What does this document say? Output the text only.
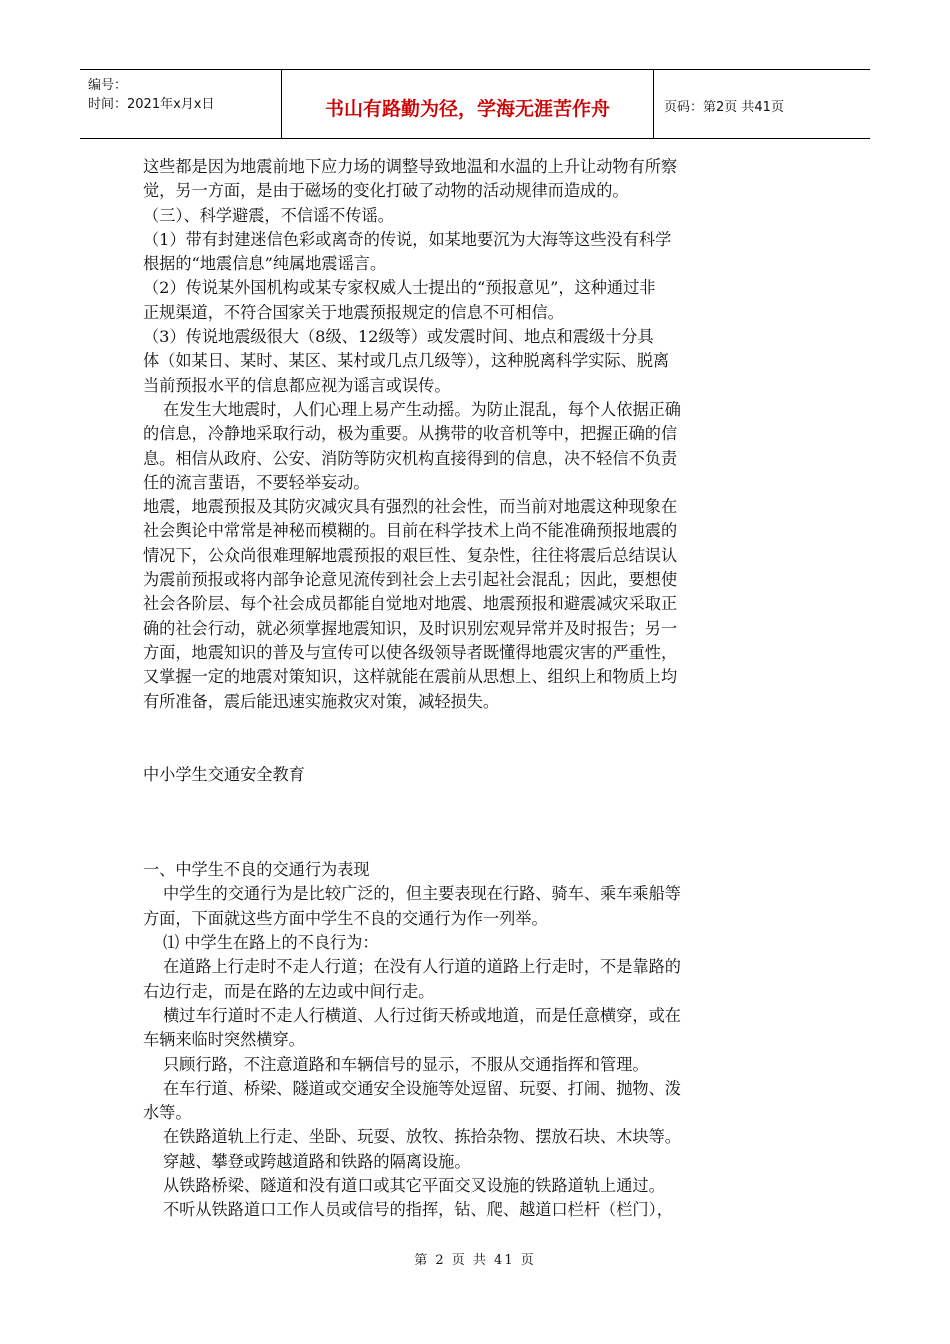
编号：
时间：2021年x月x日	书山有路勤为径，学海无涯苦作舟	页码：第2页 共41页

这些都是因为地震前地下应力场的调整导致地温和水温的上升让动物有所察

觉，另一方面，是由于磁场的变化打破了动物的活动规律而造成的。

（三）、科学避震，不信谣不传谣。

（1）带有封建迷信色彩或离奇的传说，如某地要沉为大海等这些没有科学

根据的“地震信息”纯属地震谣言。

（2）传说某外国机构或某专家权威人士提出的“预报意见”，这种通过非

正规渠道，不符合国家关于地震预报规定的信息不可相信。

（3）传说地震级很大（8级、12级等）或发震时间、地点和震级十分具

体（如某日、某时、某区、某村或几点几级等），这种脱离科学实际、脱离

当前预报水平的信息都应视为谣言或误传。

在发生大地震时，人们心理上易产生动摇。为防止混乱，每个人依据正确

的信息，冷静地采取行动，极为重要。从携带的收音机等中，把握正确的信

息。相信从政府、公安、消防等防灾机构直接得到的信息，决不轻信不负责

任的流言蜚语，不要轻举妄动。

地震，地震预报及其防灾减灾具有强烈的社会性，而当前对地震这种现象在

社会舆论中常常是神秘而模糊的。目前在科学技术上尚不能准确预报地震的

情况下，公众尚很难理解地震预报的艰巨性、复杂性，往往将震后总结误认

为震前预报或将内部争论意见流传到社会上去引起社会混乱；因此，要想使

社会各阶层、每个社会成员都能自觉地对地震、地震预报和避震减灾采取正

确的社会行动，就必须掌握地震知识，及时识别宏观异常并及时报告；另一

方面，地震知识的普及与宣传可以使各级领导者既懂得地震灾害的严重性，

又掌握一定的地震对策知识，这样就能在震前从思想上、组织上和物质上均

有所准备，震后能迅速实施救灾对策，减轻损失。

中小学生交通安全教育

一、中学生不良的交通行为表现

中学生的交通行为是比较广泛的，但主要表现在行路、骑车、乘车乘船等

方面，下面就这些方面中学生不良的交通行为作一列举。

⑴ 中学生在路上的不良行为：

在道路上行走时不走人行道；在没有人行道的道路上行走时，不是靠路的

右边行走，而是在路的左边或中间行走。

横过车行道时不走人行横道、人行过街天桥或地道，而是任意横穿，或在

车辆来临时突然横穿。

只顾行路，不注意道路和车辆信号的显示，不服从交通指挥和管理。

在车行道、桥梁、隧道或交通安全设施等处逗留、玩耍、打闹、抛物、泼

水等。

在铁路道轨上行走、坐卧、玩耍、放牧、拣拾杂物、摆放石块、木块等。

穿越、攀登或跨越道路和铁路的隔离设施。

从铁路桥梁、隧道和没有道口或其它平面交叉设施的铁路道轨上通过。

不听从铁路道口工作人员或信号的指挥，钻、爬、越道口栏杆（栏门），

第 2 页 共 41 页
